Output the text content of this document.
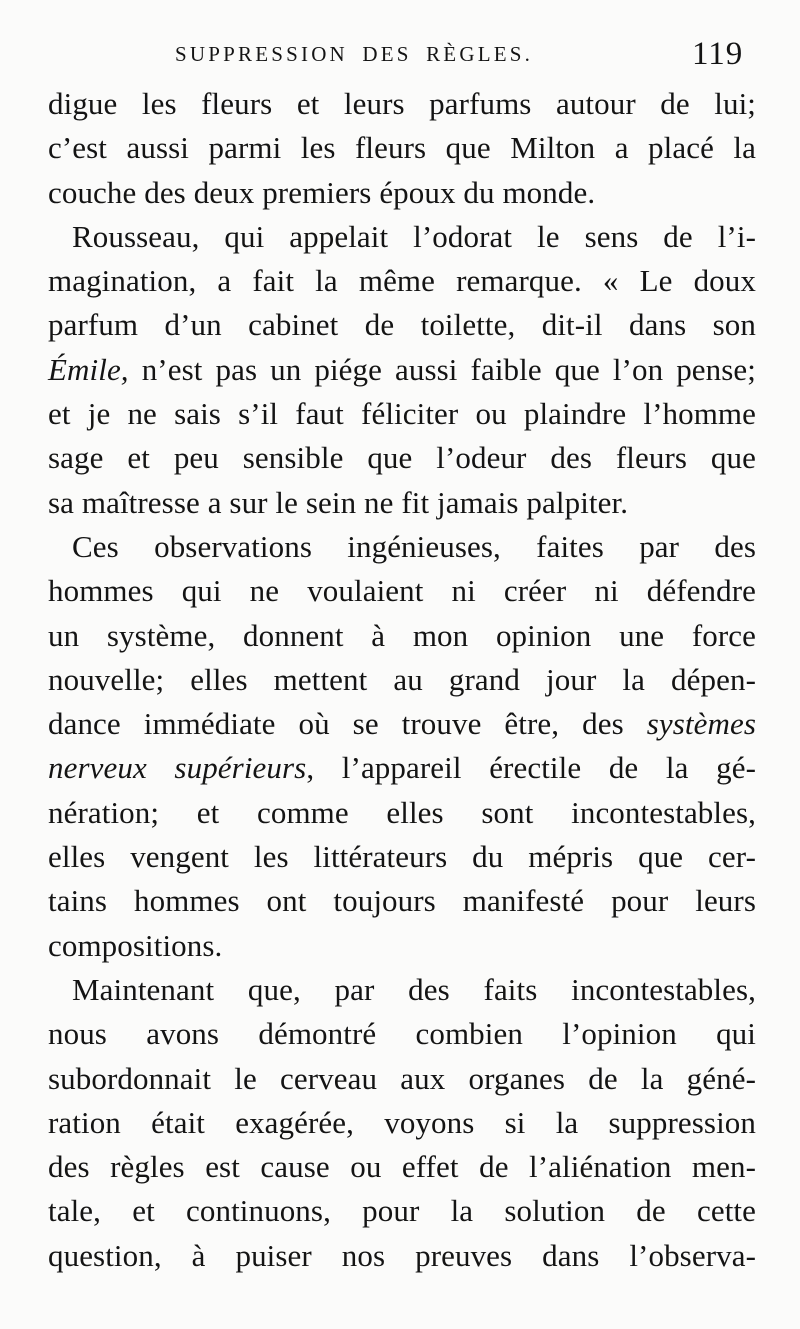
SUPPRESSION DES RÈGLES.	119
digue les fleurs et leurs parfums autour de lui;
c’est aussi parmi les fleurs que Milton a placé la
couche des deux premiers époux du monde.
Rousseau, qui appelait l’odorat le sens de l’i-
magination, a fait la même remarque. « Le doux
parfum d’un cabinet de toilette, dit-il dans son
Émile, n’est pas un piége aussi faible que l’on pense;
et je ne sais s’il faut féliciter ou plaindre l’homme
sage et peu sensible que l’odeur des fleurs que
sa maîtresse a sur le sein ne fit jamais palpiter.
Ces observations ingénieuses, faites par des
hommes qui ne voulaient ni créer ni défendre
un système, donnent à mon opinion une force
nouvelle; elles mettent au grand jour la dépen-
dance immédiate où se trouve être, des systèmes
nerveux supérieurs, l’appareil érectile de la gé-
nération; et comme elles sont incontestables,
elles vengent les littérateurs du mépris que cer-
tains hommes ont toujours manifesté pour leurs
compositions.
Maintenant que, par des faits incontestables,
nous avons démontré combien l’opinion qui
subordonnait le cerveau aux organes de la géné-
ration était exagérée, voyons si la suppression
des règles est cause ou effet de l’aliénation men-
tale, et continuons, pour la solution de cette
question, à puiser nos preuves dans l’observa-
